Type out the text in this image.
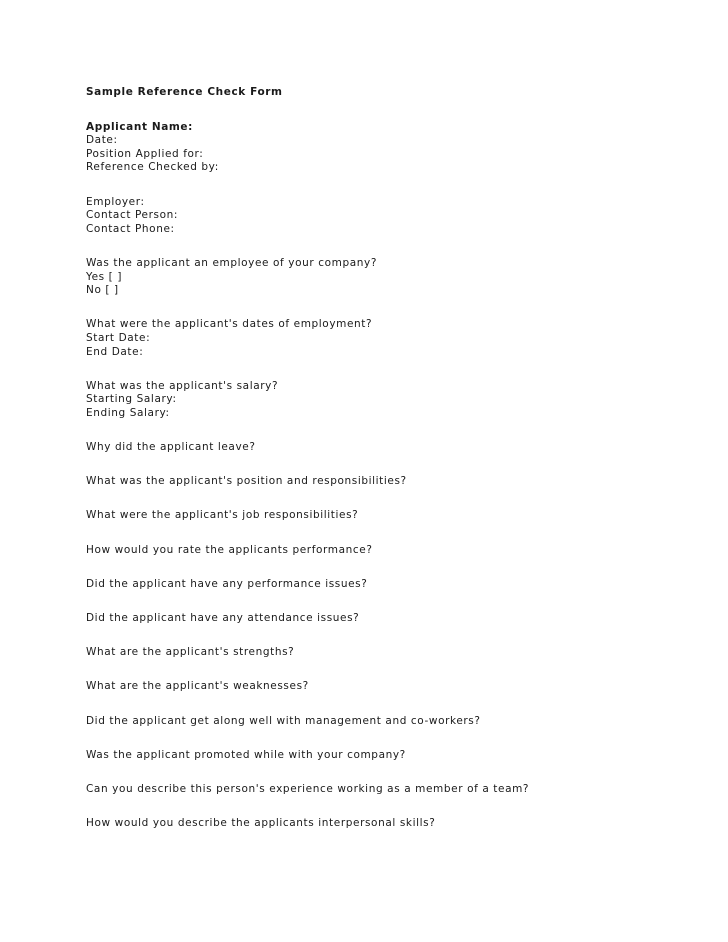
Sample Reference Check Form

Applicant Name:

Date:

Position Applied for:

Reference Checked by:

Employer:

Contact Person:

Contact Phone:

Was the applicant an employee of your company?

Yes [ ]

No [ ]

What were the applicant's dates of employment?

Start Date:

End Date:

What was the applicant's salary?

Starting Salary:

Ending Salary:

Why did the applicant leave?

What was the applicant's position and responsibilities?

What were the applicant's job responsibilities?

How would you rate the applicants performance?

Did the applicant have any performance issues?

Did the applicant have any attendance issues?

What are the applicant's strengths?

What are the applicant's weaknesses?

Did the applicant get along well with management and co-workers?

Was the applicant promoted while with your company?

Can you describe this person's experience working as a member of a team?

How would you describe the applicants interpersonal skills?
